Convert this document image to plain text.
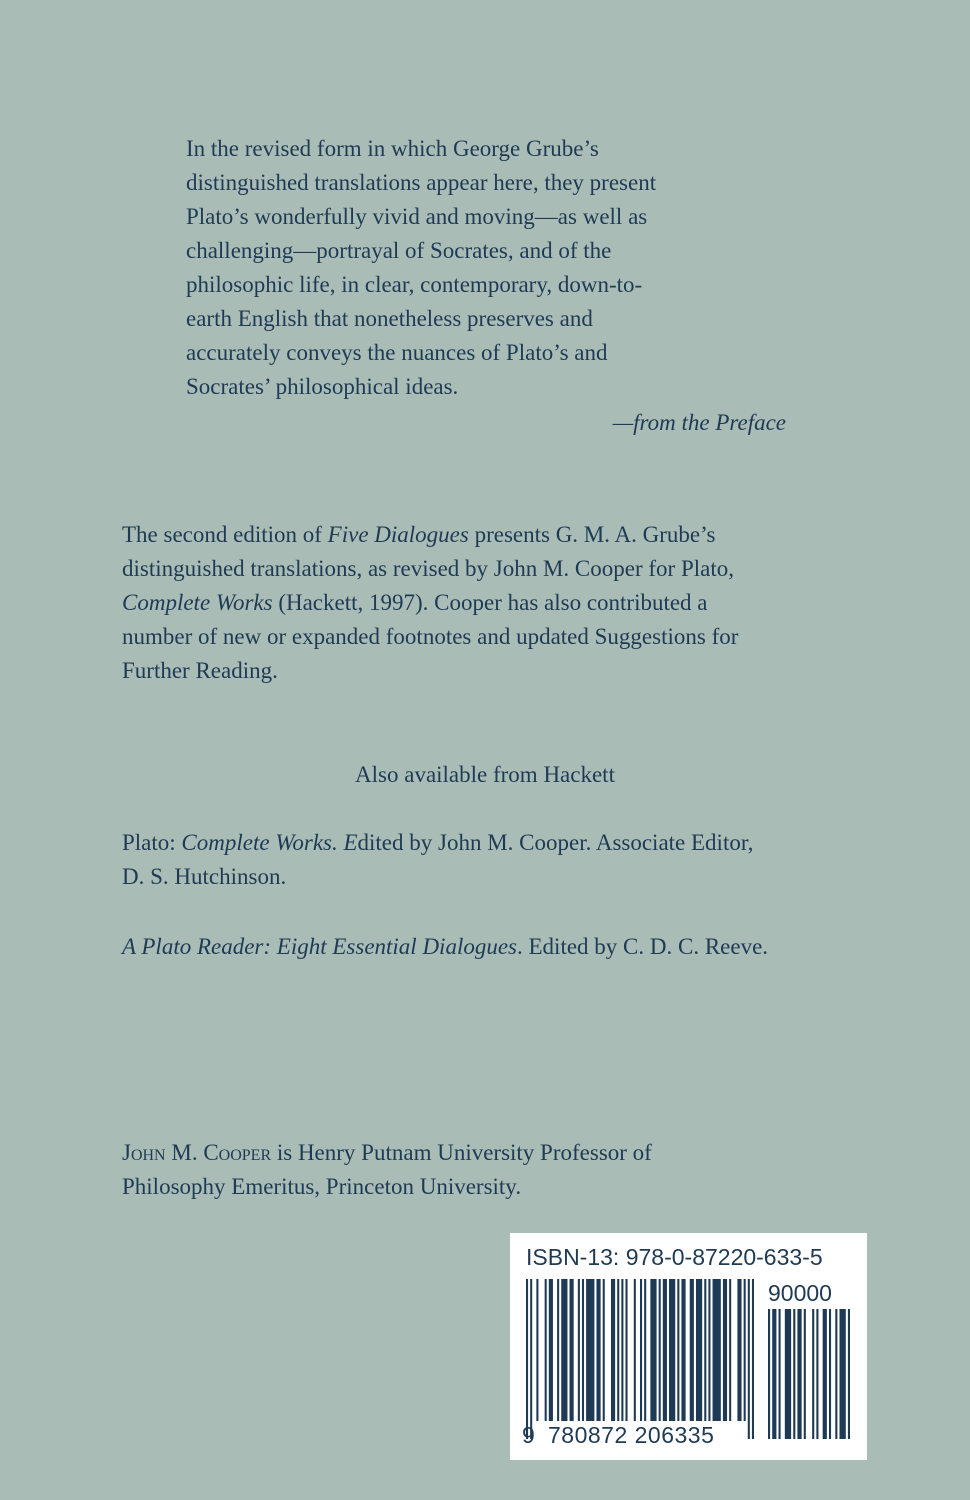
In the revised form in which George Grube’s
distinguished translations appear here, they present
Plato’s wonderfully vivid and moving—as well as
challenging—portrayal of Socrates, and of the
philosophic life, in clear, contemporary, down-to-
earth English that nonetheless preserves and
accurately conveys the nuances of Plato’s and
Socrates’ philosophical ideas.
—from the Preface

The second edition of Five Dialogues presents G. M. A. Grube’s
distinguished translations, as revised by John M. Cooper for Plato,
Complete Works (Hackett, 1997). Cooper has also contributed a
number of new or expanded footnotes and updated Suggestions for
Further Reading.

Also available from Hackett

Plato: Complete Works. Edited by John M. Cooper. Associate Editor,
D. S. Hutchinson.

A Plato Reader: Eight Essential Dialogues. Edited by C. D. C. Reeve.

John M. Cooper is Henry Putnam University Professor of
Philosophy Emeritus, Princeton University.

ISBN-13: 978-0-87220-633-5
90000
9 780872 206335
